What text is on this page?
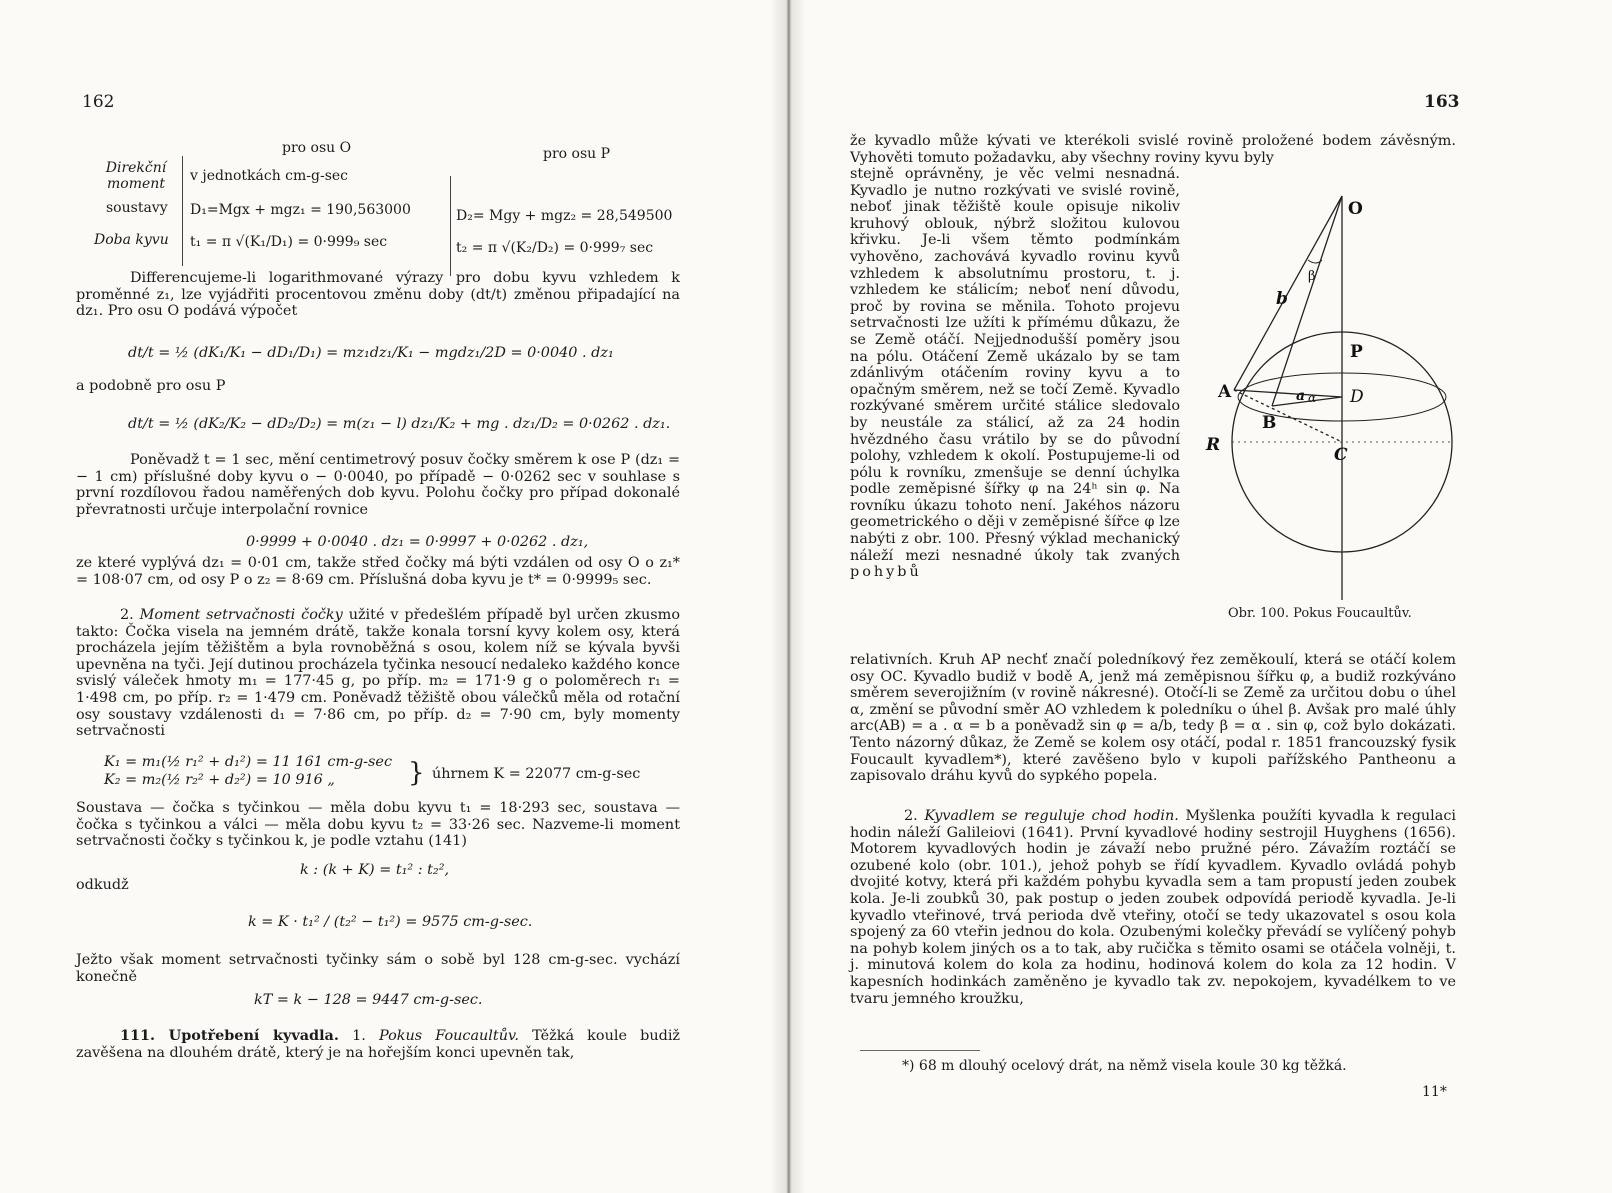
162
pro osu O	pro osu P
Direkční moment	v jednotkách cm-g-sec
soustavy D₁=Mgx + mgz₁ = 190,563000	D₂= Mgy + mgz₂ = 28,549500
Doba kyvu t₁ = π √(K₁/D₁) = 0·999₉ sec	t₂ = π √(K₂/D₂) = 0·999₇ sec

Differencujeme-li logarithmované výrazy pro dobu kyvu vzhledem k proměnné z₁, lze vyjádřiti procentovou změnu doby (dt/t) změnou připadající na dz₁. Pro osu O podává výpočet

dt/t = ½ (dK₁/K₁ − dD₁/D₁) = mz₁dz₁/K₁ − mgdz₁/2D = 0·0040 . dz₁
a podobně pro osu P
dt/t = ½ (dK₂/K₂ − dD₂/D₂) = m(z₁ − l) dz₁/K₂ + mg . dz₁/D₂ = 0·0262 . dz₁.

Poněvadž t = 1 sec, mění centimetrový posuv čočky směrem k ose P (dz₁ = − 1 cm) příslušné doby kyvu o − 0·0040, po případě − 0·0262 sec v souhlase s první rozdílovou řadou naměřených dob kyvu. Polohu čočky pro případ dokonalé převratnosti určuje interpolační rovnice

0·9999 + 0·0040 . dz₁ = 0·9997 + 0·0262 . dz₁,

ze které vyplývá dz₁ = 0·01 cm, takže střed čočky má býti vzdálen od osy O o z₁* = 108·07 cm, od osy P o z₂ = 8·69 cm. Příslušná doba kyvu je t* = 0·9999₅ sec.

2. Moment setrvačnosti čočky užité v předešlém případě byl určen zkusmo takto: Čočka visela na jemném drátě, takže konala torsní kyvy kolem osy, která procházela jejím těžištěm a byla rovnoběžná s osou, kolem níž se kývala byvši upevněna na tyči. Její dutinou procházela tyčinka nesoucí nedaleko každého konce svislý váleček hmoty m₁ = 177·45 g, po příp. m₂ = 171·9 g o poloměrech r₁ = 1·498 cm, po příp. r₂ = 1·479 cm. Poněvadž těžiště obou válečků měla od rotační osy soustavy vzdálenosti d₁ = 7·86 cm, po příp. d₂ = 7·90 cm, byly momenty setrvačnosti

K₁ = m₁(½ r₁² + d₁²) = 11 161 cm-g-sec
K₂ = m₂(½ r₂² + d₂²) = 10 916 „	} úhrnem K = 22077 cm-g-sec

Soustava — čočka s tyčinkou — měla dobu kyvu t₁ = 18·293 sec, soustava — čočka s tyčinkou a válci — měla dobu kyvu t₂ = 33·26 sec. Nazveme-li moment setrvačnosti čočky s tyčinkou k, je podle vztahu (141)

k : (k + K) = t₁² : t₂²,
odkudž
k = K · t₁² / (t₂² − t₁²) = 9575 cm-g-sec.

Ježto však moment setrvačnosti tyčinky sám o sobě byl 128 cm-g-sec. vychází konečně

kT = k − 128 = 9447 cm-g-sec.

111. Upotřebení kyvadla. 1. Pokus Foucaultův. Těžká koule budiž zavěšena na dlouhém drátě, který je na hořejším konci upevněn tak,

163

že kyvadlo může kývati ve kterékoli svislé rovině proložené bodem závěsným. Vyhověti tomuto požadavku, aby všechny roviny kyvu byly

stejně oprávněny, je věc velmi nesnadná. Kyvadlo je nutno rozkývati ve svislé rovině, neboť jinak těžiště koule opisuje nikoliv kruhový oblouk, nýbrž složitou kulovou křivku. Je-li všem těmto podmínkám vyhověno, zachovává kyvadlo rovinu kyvů vzhledem k absolutnímu prostoru, t. j. vzhledem ke stálicím; neboť není důvodu, proč by rovina se měnila. Tohoto projevu setrvačnosti lze užíti k přímému důkazu, že se Země otáčí. Nejjednodušší poměry jsou na pólu. Otáčení Země ukázalo by se tam zdánlivým otáčením roviny kyvu a to opačným směrem, než se točí Země. Kyvadlo rozkývané směrem určité stálice sledovalo by neustále za stálicí, až za 24 hodin hvězdného času vrátilo by se do původní polohy, vzhledem k okolí. Postupujeme-li od pólu k rovníku, zmenšuje se denní úchylka podle zeměpisné šířky φ na 24ʰ sin φ. Na rovníku úkazu tohoto není. Jakéhos názoru geometrického o ději v zeměpisné šířce φ lze nabýti z obr. 100. Přesný výklad mechanický náleží mezi nesnadné úkoly tak zvaných pohybů

relativních. Kruh AP nechť značí poledníkový řez zeměkoulí, která se otáčí kolem osy OC. Kyvadlo budiž v bodě A, jenž má zeměpisnou šířku φ, a budiž rozkýváno směrem severojižním (v rovině nákresné). Otočí-li se Země za určitou dobu o úhel α, změní se původní směr AO vzhledem k poledníku o úhel β. Avšak pro malé úhly arc(AB) = a . α = b a poněvadž sin φ = a/b, tedy β = α . sin φ, což bylo dokázati. Tento názorný důkaz, že Země se kolem osy otáčí, podal r. 1851 francouzský fysik Foucault kyvadlem*), které zavěšeno bylo v kupoli pařížského Pantheonu a zapisovalo dráhu kyvů do sypkého popela.

2. Kyvadlem se reguluje chod hodin. Myšlenka použíti kyvadla k regulaci hodin náleží Galileiovi (1641). První kyvadlové hodiny sestrojil Huyghens (1656). Motorem kyvadlových hodin je závaží nebo pružné péro. Závažím roztáčí se ozubené kolo (obr. 101.), jehož pohyb se řídí kyvadlem. Kyvadlo ovládá pohyb dvojité kotvy, která při každém pohybu kyvadla sem a tam propustí jeden zoubek kola. Je-li zoubků 30, pak postup o jeden zoubek odpovídá periodě kyvadla. Je-li kyvadlo vteřinové, trvá perioda dvě vteřiny, otočí se tedy ukazovatel s osou kola spojený za 60 vteřin jednou do kola. Ozubenými kolečky převádí se vylíčený pohyb na pohyb kolem jiných os a to tak, aby ručička s těmito osami se otáčela volněji, t. j. minutová kolem do kola za hodinu, hodinová kolem do kola za 12 hodin. V kapesních hodinkách zaměněno je kyvadlo tak zv. nepokojem, kyvadélkem to ve tvaru jemného kroužku,

*) 68 m dlouhý ocelový drát, na němž visela koule 30 kg těžká.
11*
O
b
β
P
A	a α D
B
R	C
Obr. 100. Pokus Foucaultův.
